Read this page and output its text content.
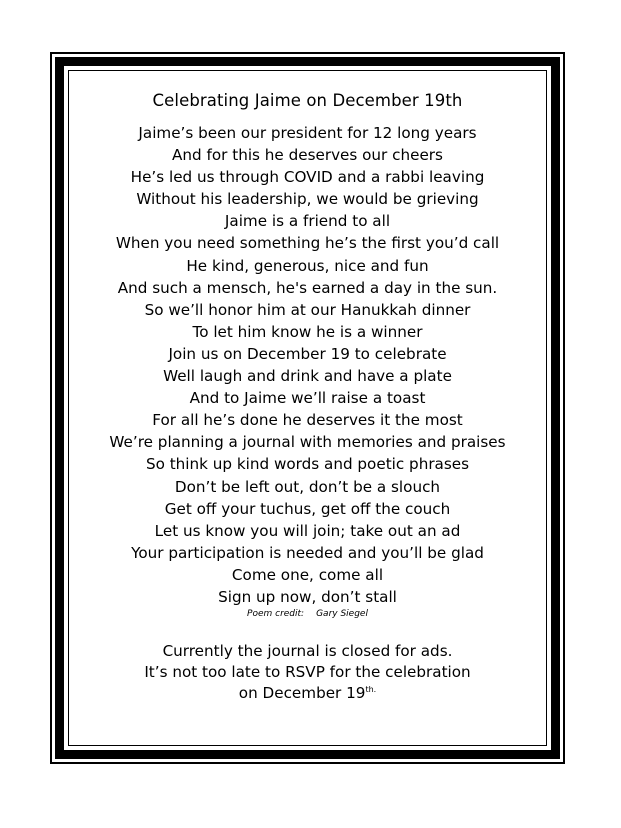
Celebrating Jaime on December 19th
Jaime’s been our president for 12 long years
And for this he deserves our cheers
He’s led us through COVID and a rabbi leaving
Without his leadership, we would be grieving
Jaime is a friend to all
When you need something he’s the first you’d call
He kind, generous, nice and fun
And such a mensch, he's earned a day in the sun.
So we’ll honor him at our Hanukkah dinner
To let him know he is a winner
Join us on December 19 to celebrate
Well laugh and drink and have a plate
And to Jaime we’ll raise a toast
For all he’s done he deserves it the most
We’re planning a journal with memories and praises
So think up kind words and poetic phrases
Don’t be left out, don’t be a slouch
Get off your tuchus, get off the couch
Let us know you will join; take out an ad
Your participation is needed and you’ll be glad
Come one, come all
Sign up now, don’t stall
Poem credit: Gary Siegel
Currently the journal is closed for ads.
It’s not too late to RSVP for the celebration
on December $19^{th.}$
